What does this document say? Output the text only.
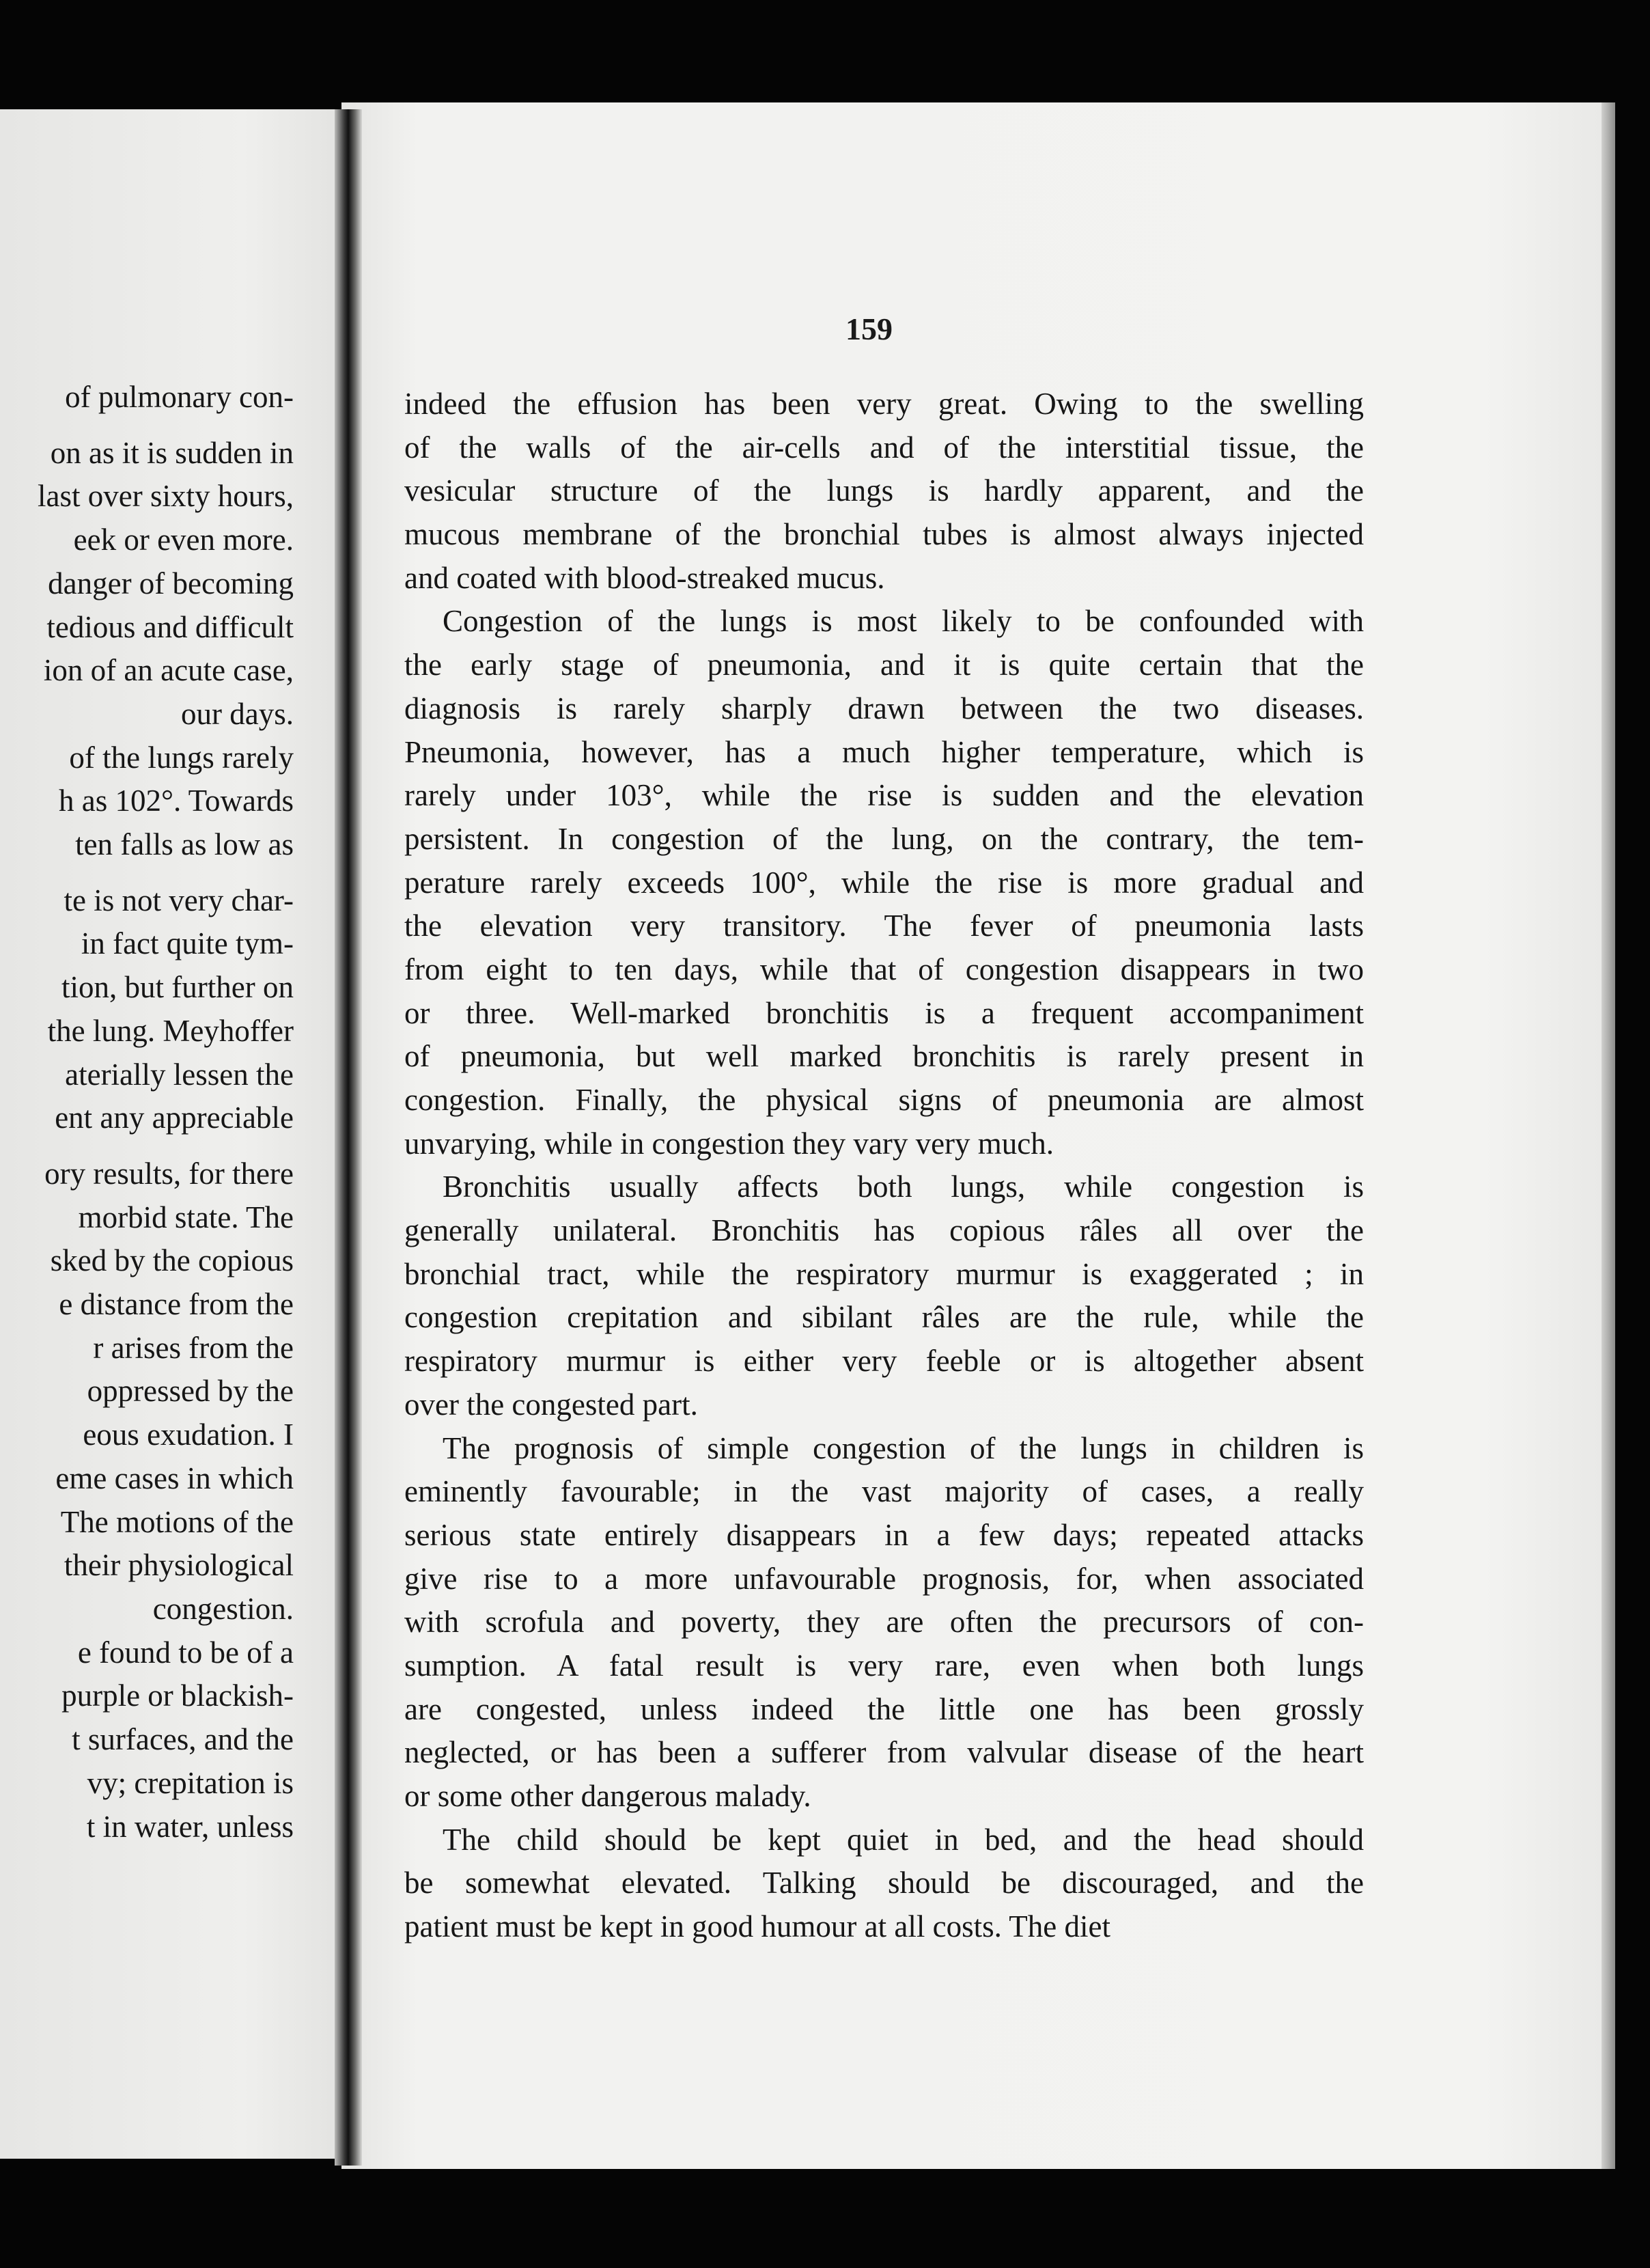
159
of pulmonary con-
on as it is sudden in
last over sixty hours,
eek or even more.
danger of becoming
tedious and difficult
ion of an acute case,
our days.
of the lungs rarely
h as 102°. Towards
ten falls as low as
te is not very char-
in fact quite tym-
tion, but further on
the lung. Meyhoffer
aterially lessen the
ent any appreciable
ory results, for there
morbid state. The
sked by the copious
e distance from the
r arises from the
oppressed by the
eous exudation. I
eme cases in which
The motions of the
their physiological
congestion.
e found to be of a
purple or blackish-
t surfaces, and the
vy; crepitation is
t in water, unless
indeed the effusion has been very great. Owing to the swelling
of the walls of the air-cells and of the interstitial tissue, the
vesicular structure of the lungs is hardly apparent, and the
mucous membrane of the bronchial tubes is almost always injected
and coated with blood-streaked mucus.
Congestion of the lungs is most likely to be confounded with
the early stage of pneumonia, and it is quite certain that the
diagnosis is rarely sharply drawn between the two diseases.
Pneumonia, however, has a much higher temperature, which is
rarely under 103°, while the rise is sudden and the elevation
persistent. In congestion of the lung, on the contrary, the tem-
perature rarely exceeds 100°, while the rise is more gradual and
the elevation very transitory. The fever of pneumonia lasts
from eight to ten days, while that of congestion disappears in two
or three. Well-marked bronchitis is a frequent accompaniment
of pneumonia, but well marked bronchitis is rarely present in
congestion. Finally, the physical signs of pneumonia are almost
unvarying, while in congestion they vary very much.
Bronchitis usually affects both lungs, while congestion is
generally unilateral. Bronchitis has copious râles all over the
bronchial tract, while the respiratory murmur is exaggerated ; in
congestion crepitation and sibilant râles are the rule, while the
respiratory murmur is either very feeble or is altogether absent
over the congested part.
The prognosis of simple congestion of the lungs in children is
eminently favourable; in the vast majority of cases, a really
serious state entirely disappears in a few days; repeated attacks
give rise to a more unfavourable prognosis, for, when associated
with scrofula and poverty, they are often the precursors of con-
sumption. A fatal result is very rare, even when both lungs
are congested, unless indeed the little one has been grossly
neglected, or has been a sufferer from valvular disease of the heart
or some other dangerous malady.
The child should be kept quiet in bed, and the head should
be somewhat elevated. Talking should be discouraged, and the
patient must be kept in good humour at all costs. The diet
